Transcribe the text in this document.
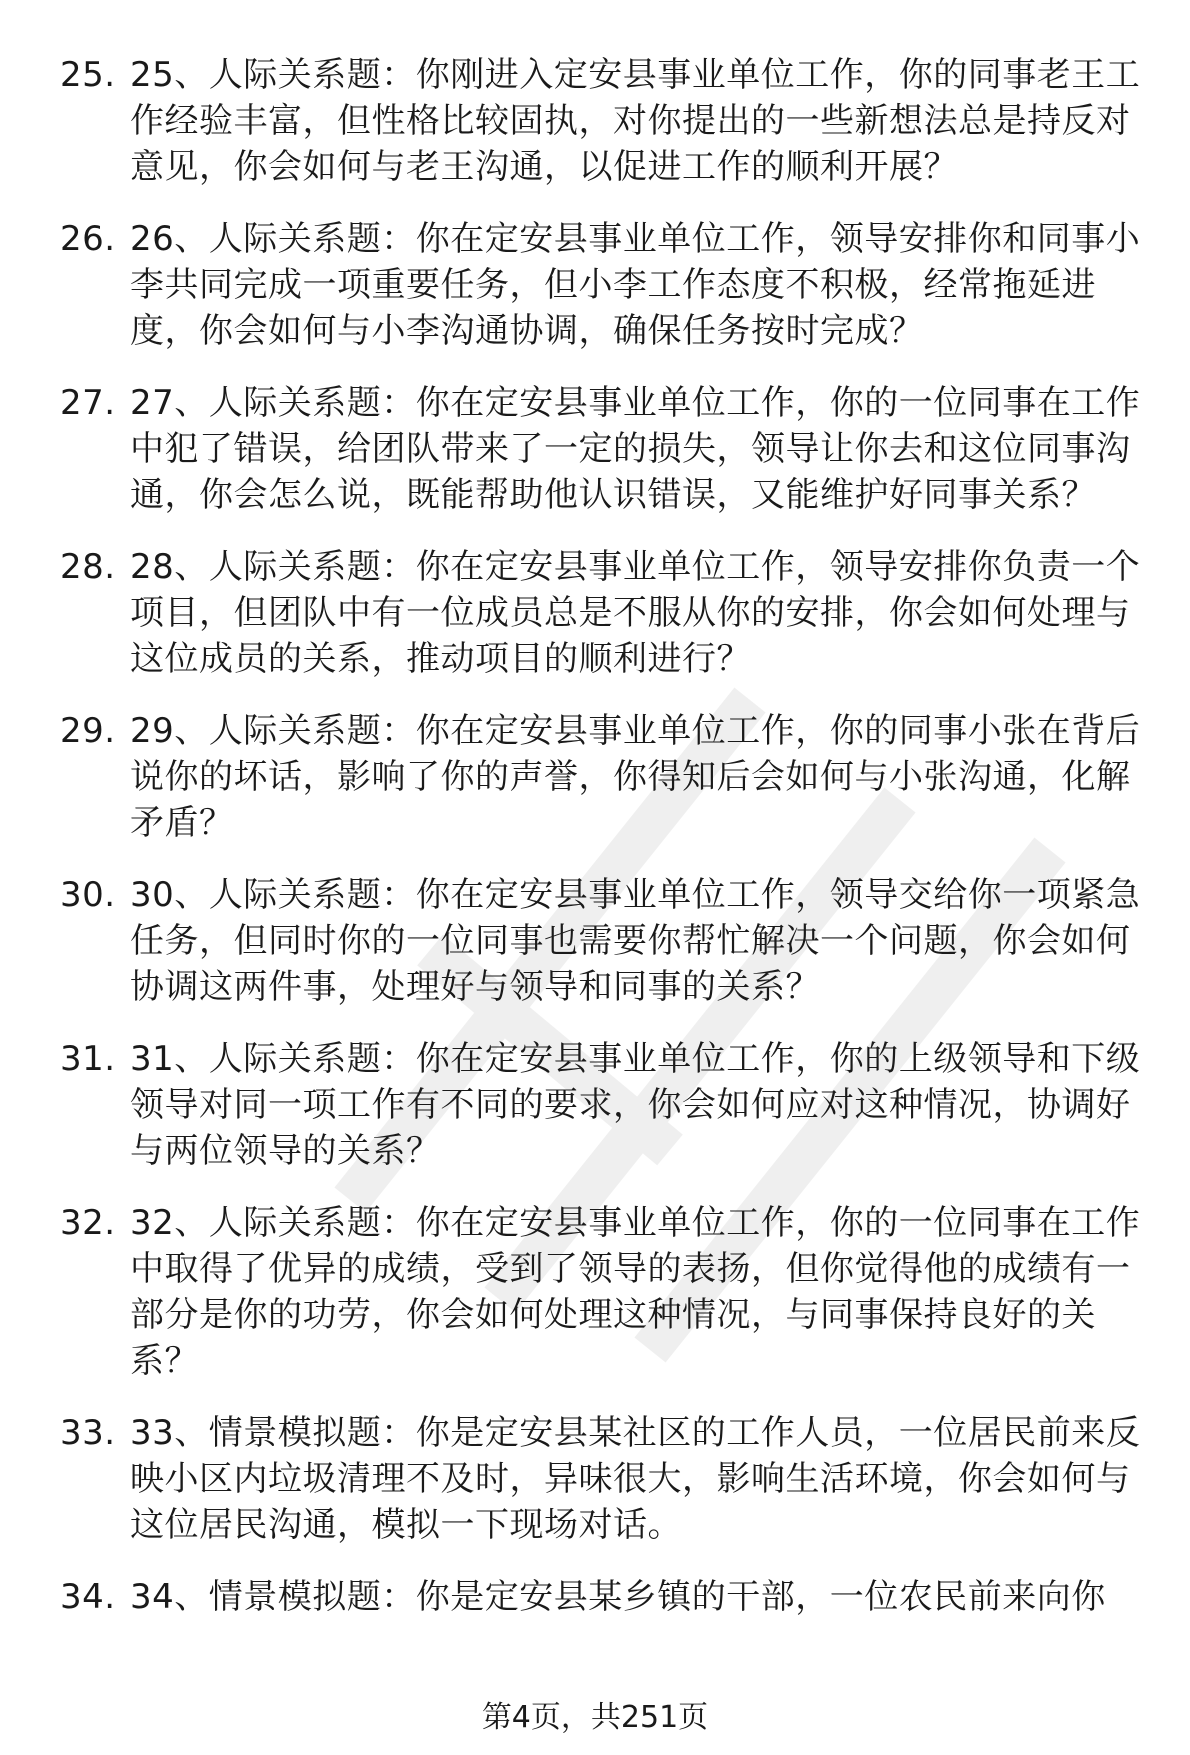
25. 25、人际关系题：你刚进入定安县事业单位工作，你的同事老王工作经验丰富，但性格比较固执，对你提出的一些新想法总是持反对意见，你会如何与老王沟通，以促进工作的顺利开展？
26. 26、人际关系题：你在定安县事业单位工作，领导安排你和同事小李共同完成一项重要任务，但小李工作态度不积极，经常拖延进度，你会如何与小李沟通协调，确保任务按时完成？
27. 27、人际关系题：你在定安县事业单位工作，你的一位同事在工作中犯了错误，给团队带来了一定的损失，领导让你去和这位同事沟通，你会怎么说，既能帮助他认识错误，又能维护好同事关系？
28. 28、人际关系题：你在定安县事业单位工作，领导安排你负责一个项目，但团队中有一位成员总是不服从你的安排，你会如何处理与这位成员的关系，推动项目的顺利进行？
29. 29、人际关系题：你在定安县事业单位工作，你的同事小张在背后说你的坏话，影响了你的声誉，你得知后会如何与小张沟通，化解矛盾？
30. 30、人际关系题：你在定安县事业单位工作，领导交给你一项紧急任务，但同时你的一位同事也需要你帮忙解决一个问题，你会如何协调这两件事，处理好与领导和同事的关系？
31. 31、人际关系题：你在定安县事业单位工作，你的上级领导和下级领导对同一项工作有不同的要求，你会如何应对这种情况，协调好与两位领导的关系？
32. 32、人际关系题：你在定安县事业单位工作，你的一位同事在工作中取得了优异的成绩，受到了领导的表扬，但你觉得他的成绩有一部分是你的功劳，你会如何处理这种情况，与同事保持良好的关系？
33. 33、情景模拟题：你是定安县某社区的工作人员，一位居民前来反映小区内垃圾清理不及时，异味很大，影响生活环境，你会如何与这位居民沟通，模拟一下现场对话。
34. 34、情景模拟题：你是定安县某乡镇的干部，一位农民前来向你
第4页，共251页
